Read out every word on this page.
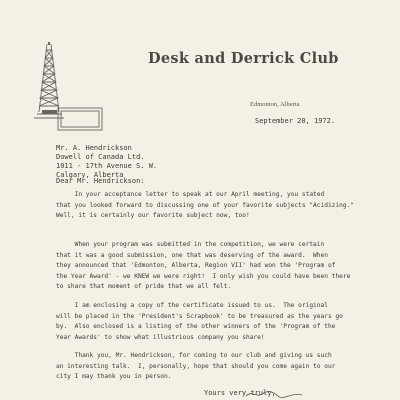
Desk and Derrick Club
Edmonton, Alberta
September 20, 1972.
Mr. A. Hendrickson
Dowell of Canada Ltd.
1011 - 17th Avenue S. W.
Calgary, Alberta
Dear Mr. Hendrickson:
In your acceptance letter to speak at our April meeting, you stated
that you looked forward to discussing one of your favorite subjects "Acidizing."
Well, it is certainly our favorite subject now, too!
When your program was submitted in the competition, we were certain
that it was a good submission, one that was deserving of the award.  When
they announced that 'Edmonton, Alberta, Region VII' had won the 'Program of
the Year Award' - we KNEW we were right!  I only wish you could have been there
to share that moment of pride that we all felt.
I am enclosing a copy of the certificate issued to us.  The original
will be placed in the 'President's Scrapbook' to be treasured as the years go
by.  Also enclosed is a listing of the other winners of the 'Program of the
Year Awards' to show what illustrious company you share!
Thank you, Mr. Hendrickson, for coming to our club and giving us such
an interesting talk.  I, personally, hope that should you come again to our
city I may thank you in person.
Yours very truly,
